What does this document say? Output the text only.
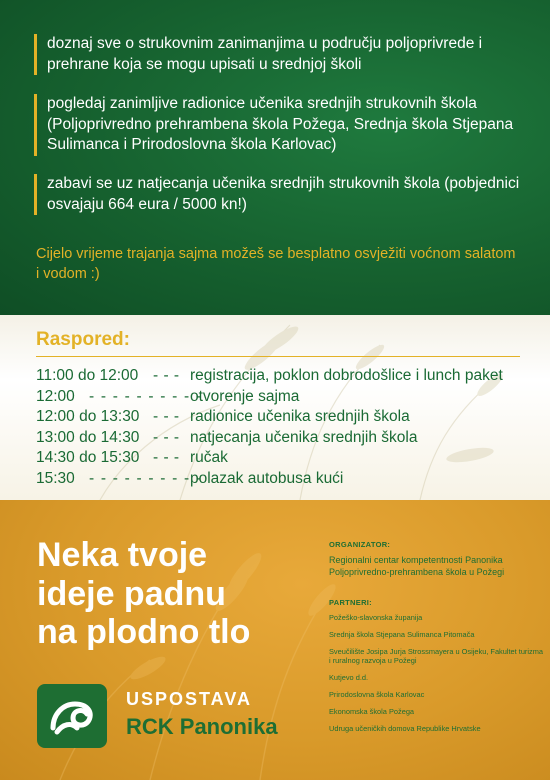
doznaj sve o strukovnim zanimanjima u području poljoprivrede i prehrane koja se mogu upisati u srednjoj školi
pogledaj zanimljive radionice učenika srednjih strukovnih škola (Poljoprivredno prehrambena škola Požega, Srednja škola Stjepana Sulimanca i Prirodoslovna škola Karlovac)
zabavi se uz natjecanja učenika srednjih strukovnih škola (pobjednici osvajaju 664 eura / 5000 kn!)
Cijelo vrijeme trajanja sajma možeš se besplatno osvježiti voćnom salatom i vodom :)
Raspored:
11:00 do 12:00 - - - registracija, poklon dobrodošlice i lunch paket
12:00 - - - - - - - - - -
otvorenje sajma
12:00 do 13:30 - - - radionice učenika srednjih škola
13:00 do 14:30 - - - natjecanja učenika srednjih škola
14:30 do 15:30 - - - ručak
15:30 - - - - - - - - - -
polazak autobusa kući
Neka tvoje
ideje padnu
na plodno tlo
USPOSTAVA
RCK Panonika
ORGANIZATOR:
Regionalni centar kompetentnosti Panonika
Poljoprivredno-prehrambena škola u Požegi
PARTNERI:
Požeško-slavonska županija
Srednja škola Stjepana Sulimanca Pitomača
Sveučilište Josipa Jurja Strossmayera u Osijeku, Fakultet turizma i ruralnog razvoja u Požegi
Kutjevo d.d.
Prirodoslovna škola Karlovac
Ekonomska škola Požega
Udruga učeničkih domova Republike Hrvatske
